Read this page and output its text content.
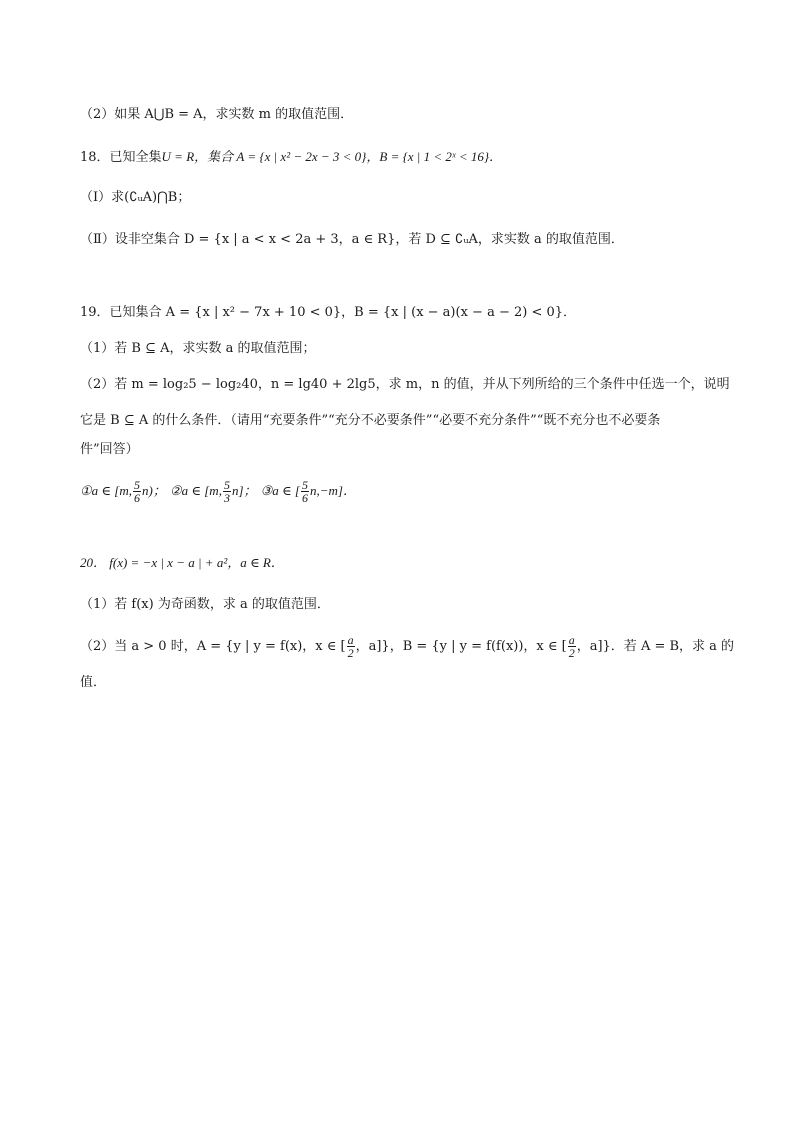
（2）如果 A⋃B = A，求实数 m 的取值范围．
18．已知全集U = R，集合 A = {x | x² − 2x − 3 < 0}，B = {x | 1 < 2ˣ < 16}．
（Ⅰ）求(∁ᵤA)⋂B；
（Ⅱ）设非空集合 D = {x | a < x < 2a + 3，a ∈ R}，若 D ⊆ ∁ᵤA，求实数 a 的取值范围．
19．已知集合 A = {x | x² − 7x + 10 < 0}，B = {x | (x − a)(x − a − 2) < 0}．
（1）若 B ⊆ A，求实数 a 的取值范围；
（2）若 m = log₂5 − log₂40，n = lg40 + 2lg5，求 m，n 的值，并从下列所给的三个条件中任选一个，说明
它是 B ⊆ A 的什么条件．（请用“充要条件”“充分不必要条件”“必要不充分条件”“既不充分也不必要条
件”回答）
①a ∈ [m, $\frac{5}{6} n$)； ②a ∈ [m, $\frac{5}{3} n$]； ③a ∈ [ $\frac{5}{6} n,-m$]．
20． f(x) = −x | x − a | + a²，a ∈ R．
（1）若 f(x) 为奇函数，求 a 的取值范围．
（2）当 a > 0 时，A = {y | y = f(x)，x ∈ [ $\frac{a}{2}$ ，a]}，B = {y | y = f(f(x))，x ∈ [ $\frac{a}{2}$ ，a]}．若 A = B，求 a 的
值．
